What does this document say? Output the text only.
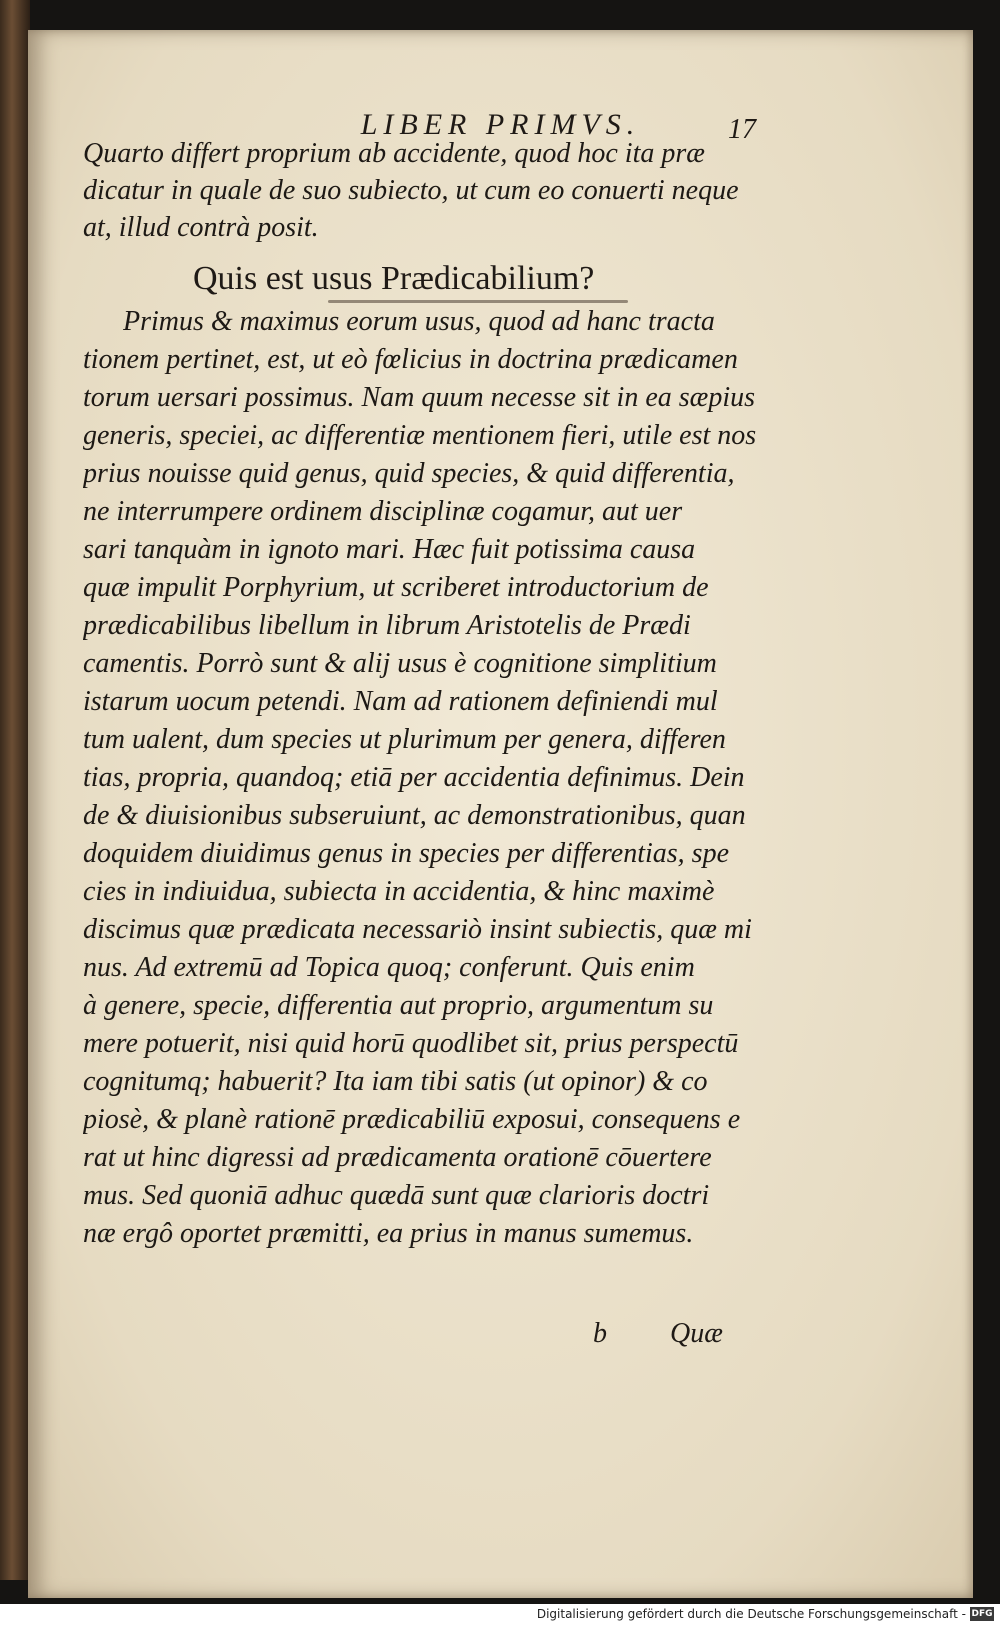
LIBER PRIMVS.	17

Quarto differt proprium ab accidente, quod hoc ita præ

dicatur in quale de suo subiecto, ut cum eo conuerti neque

at, illud contrà posit.

Quis est usus Prædicabilium?

Primus & maximus eorum usus, quod ad hanc tracta

tionem pertinet, est, ut eò fœlicius in doctrina prædicamen

torum uersari possimus. Nam quum necesse sit in ea sæpius

generis, speciei, ac differentiæ mentionem fieri, utile est nos

prius nouisse quid genus, quid species, & quid differentia,

ne interrumpere ordinem disciplinæ cogamur, aut uer

sari tanquàm in ignoto mari. Hæc fuit potissima causa

quæ impulit Porphyrium, ut scriberet introductorium de

prædicabilibus libellum in librum Aristotelis de Prædi

camentis. Porrò sunt & alij usus è cognitione simplitium

istarum uocum petendi. Nam ad rationem definiendi mul

tum ualent, dum species ut plurimum per genera, differen

tias, propria, quandoq; etiā per accidentia definimus. Dein

de & diuisionibus subseruiunt, ac demonstrationibus, quan

doquidem diuidimus genus in species per differentias, spe

cies in indiuidua, subiecta in accidentia, & hinc maximè

discimus quæ prædicata necessariò insint subiectis, quæ mi

nus. Ad extremū ad Topica quoq; conferunt. Quis enim

à genere, specie, differentia aut proprio, argumentum su

mere potuerit, nisi quid horū quodlibet sit, prius perspectū

cognitumq; habuerit? Ita iam tibi satis (ut opinor) & co

piosè, & planè rationē prædicabiliū exposui, consequens e

rat ut hinc digressi ad prædicamenta orationē cōuertere

mus. Sed quoniā adhuc quædā sunt quæ clarioris doctri

næ ergô oportet præmitti, ea prius in manus sumemus.

b Quæ
Digitalisierung gefördert durch die Deutsche Forschungsgemeinschaft - DFG
